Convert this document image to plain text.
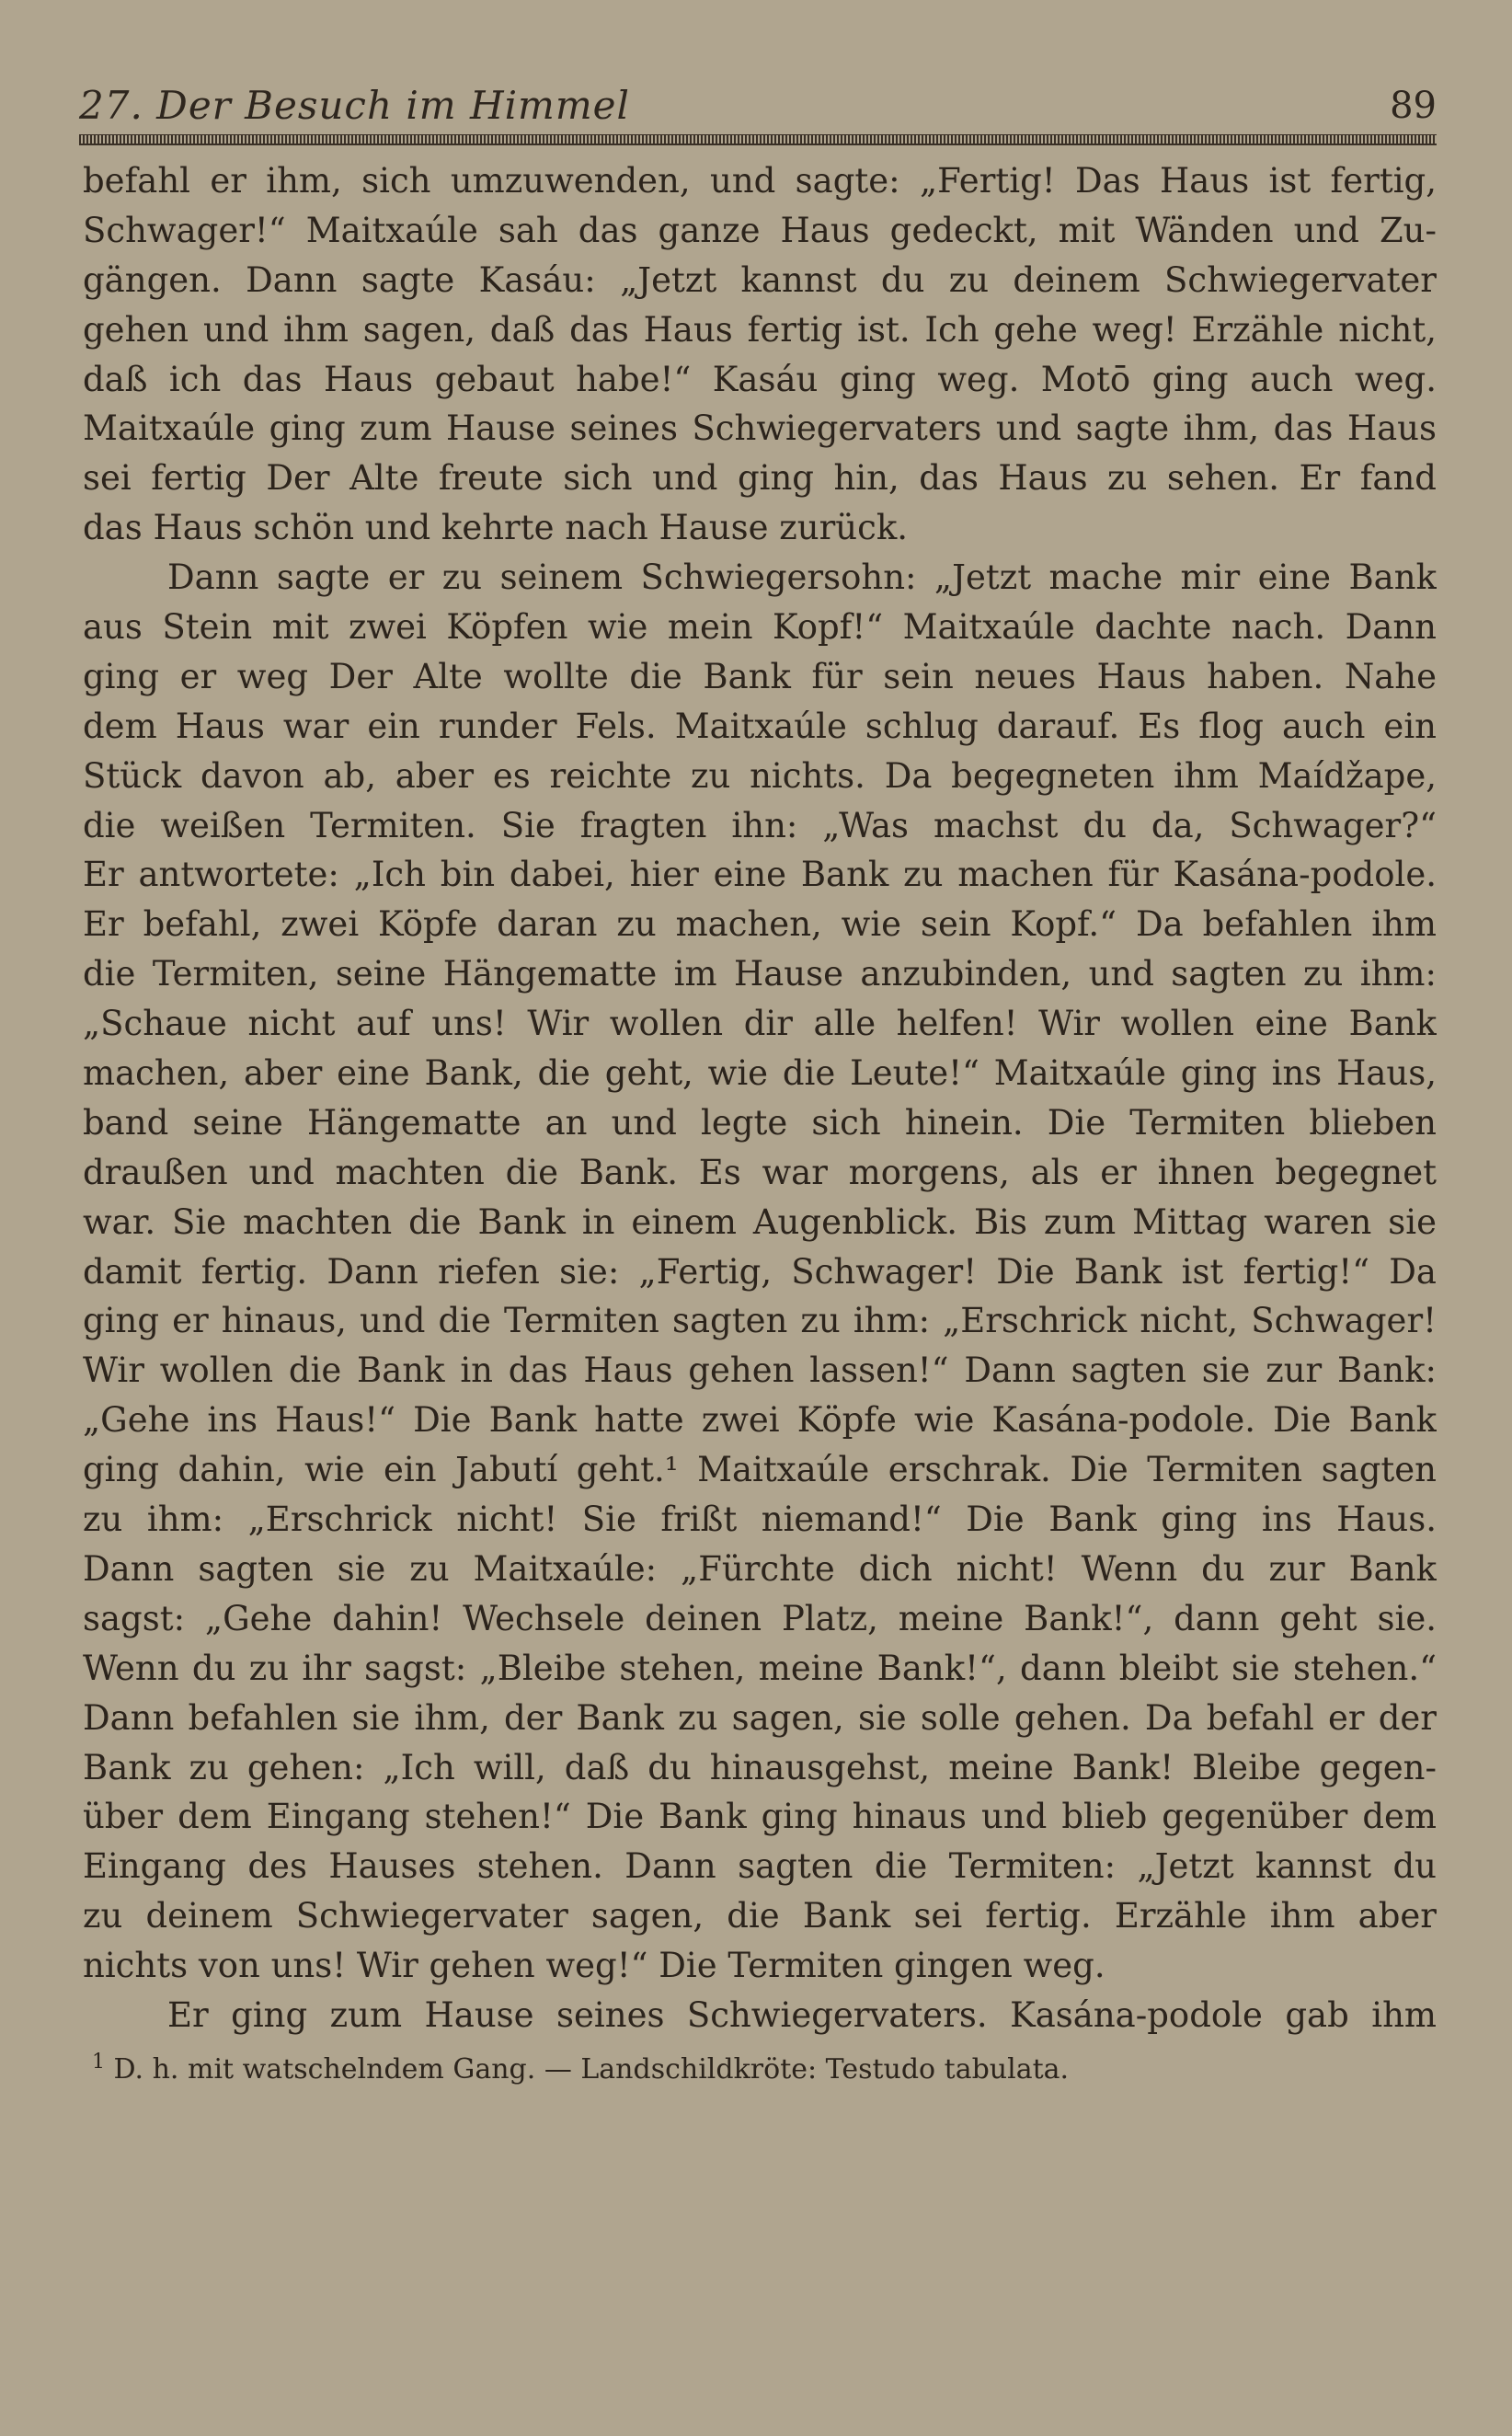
27. Der Besuch im Himmel	89
befahl er ihm, sich umzuwenden, und sagte: „Fertig! Das Haus ist fertig,
Schwager!“ Maitxaúle sah das ganze Haus gedeckt, mit Wänden und Zu-
gängen. Dann sagte Kasáu: „Jetzt kannst du zu deinem Schwiegervater
gehen und ihm sagen, daß das Haus fertig ist. Ich gehe weg! Erzähle nicht,
daß ich das Haus gebaut habe!“ Kasáu ging weg. Motō ging auch weg.
Maitxaúle ging zum Hause seines Schwiegervaters und sagte ihm, das Haus
sei fertig Der Alte freute sich und ging hin, das Haus zu sehen. Er fand
das Haus schön und kehrte nach Hause zurück.
Dann sagte er zu seinem Schwiegersohn: „Jetzt mache mir eine Bank
aus Stein mit zwei Köpfen wie mein Kopf!“ Maitxaúle dachte nach. Dann
ging er weg Der Alte wollte die Bank für sein neues Haus haben. Nahe
dem Haus war ein runder Fels. Maitxaúle schlug darauf. Es flog auch ein
Stück davon ab, aber es reichte zu nichts. Da begegneten ihm Maídžape,
die weißen Termiten. Sie fragten ihn: „Was machst du da, Schwager?“
Er antwortete: „Ich bin dabei, hier eine Bank zu machen für Kasána-podole.
Er befahl, zwei Köpfe daran zu machen, wie sein Kopf.“ Da befahlen ihm
die Termiten, seine Hängematte im Hause anzubinden, und sagten zu ihm:
„Schaue nicht auf uns! Wir wollen dir alle helfen! Wir wollen eine Bank
machen, aber eine Bank, die geht, wie die Leute!“ Maitxaúle ging ins Haus,
band seine Hängematte an und legte sich hinein. Die Termiten blieben
draußen und machten die Bank. Es war morgens, als er ihnen begegnet
war. Sie machten die Bank in einem Augenblick. Bis zum Mittag waren sie
damit fertig. Dann riefen sie: „Fertig, Schwager! Die Bank ist fertig!“ Da
ging er hinaus, und die Termiten sagten zu ihm: „Erschrick nicht, Schwager!
Wir wollen die Bank in das Haus gehen lassen!“ Dann sagten sie zur Bank:
„Gehe ins Haus!“ Die Bank hatte zwei Köpfe wie Kasána-podole. Die Bank
ging dahin, wie ein Jabutí geht.¹ Maitxaúle erschrak. Die Termiten sagten
zu ihm: „Erschrick nicht! Sie frißt niemand!“ Die Bank ging ins Haus.
Dann sagten sie zu Maitxaúle: „Fürchte dich nicht! Wenn du zur Bank
sagst: „Gehe dahin! Wechsele deinen Platz, meine Bank!“, dann geht sie.
Wenn du zu ihr sagst: „Bleibe stehen, meine Bank!“, dann bleibt sie stehen.“
Dann befahlen sie ihm, der Bank zu sagen, sie solle gehen. Da befahl er der
Bank zu gehen: „Ich will, daß du hinausgehst, meine Bank! Bleibe gegen-
über dem Eingang stehen!“ Die Bank ging hinaus und blieb gegenüber dem
Eingang des Hauses stehen. Dann sagten die Termiten: „Jetzt kannst du
zu deinem Schwiegervater sagen, die Bank sei fertig. Erzähle ihm aber
nichts von uns! Wir gehen weg!“ Die Termiten gingen weg.
Er ging zum Hause seines Schwiegervaters. Kasána-podole gab ihm
$^1$ D. h. mit watschelndem Gang. — Landschildkröte: Testudo tabulata.
